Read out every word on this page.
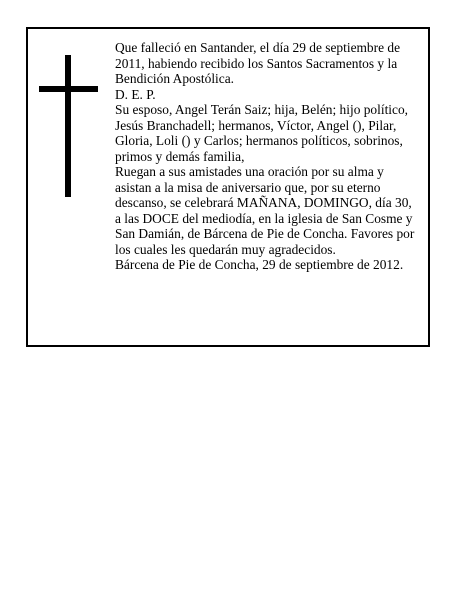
Que falleció en Santander, el día 29 de septiembre de 2011, habiendo recibido los Santos Sacramentos y la Bendición Apostólica.

D. E. P.

Su esposo, Angel Terán Saiz; hija, Belén; hijo político, Jesús Branchadell; hermanos, Víctor, Angel (), Pilar, Gloria, Loli () y Carlos; hermanos políticos, sobrinos, primos y demás familia,

Ruegan a sus amistades una oración por su alma y asistan a la misa de aniversario que, por su eterno descanso, se celebrará MAÑANA, DOMINGO, día 30, a las DOCE del mediodía, en la iglesia de San Cosme y San Damián, de Bárcena de Pie de Concha. Favores por los cuales les quedarán muy agradecidos.

Bárcena de Pie de Concha, 29 de septiembre de 2012.
